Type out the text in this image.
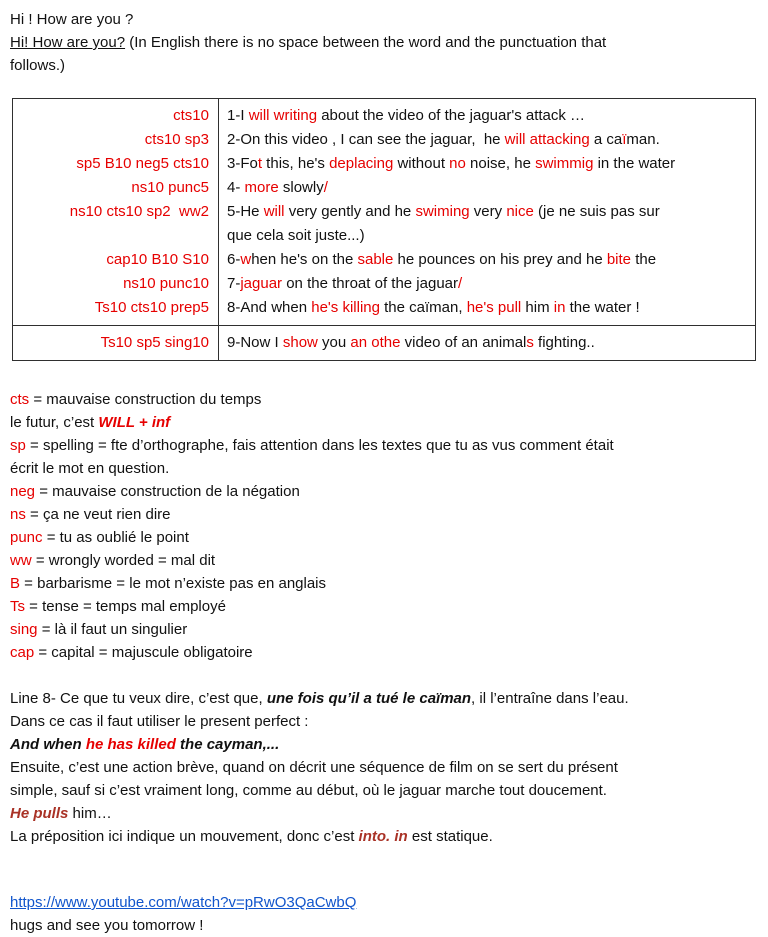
Hi ! How are you ?
Hi! How are you? (In English there is no space between the word and the punctuation that
follows.)
cts10
cts10 sp3
sp5 B10 neg5 cts10
ns10 punc5
ns10 cts10 sp2  ww2

cap10 B10 S10
ns10 punc10
Ts10 cts10 prep5
1-I will writing about the video of the jaguar's attack …
2-On this video , I can see the jaguar,  he will attacking a caïman.
3-Fot this, he's deplacing without no noise, he swimmig in the water
4- more slowly/
5-He will very gently and he swiming very nice (je ne suis pas sur
que cela soit juste...)
6-when he's on the sable he pounces on his prey and he bite the
7-jaguar on the throat of the jaguar/
8-And when he's killing the caïman, he's pull him in the water !
Ts10 sp5 sing10 9-Now I show you an othe video of an animals fighting..
cts = mauvaise construction du temps
le futur, c’est WILL + inf
sp = spelling = fte d’orthographe, fais attention dans les textes que tu as vus comment était
écrit le mot en question.
neg = mauvaise construction de la négation
ns = ça ne veut rien dire
punc = tu as oublié le point
ww = wrongly worded = mal dit
B = barbarisme = le mot n’existe pas en anglais
Ts = tense = temps mal employé
sing = là il faut un singulier
cap = capital = majuscule obligatoire
Line 8- Ce que tu veux dire, c’est que, une fois qu’il a tué le caïman, il l’entraîne dans l’eau.
Dans ce cas il faut utiliser le present perfect :
And when he has killed the cayman,...
Ensuite, c’est une action brève, quand on décrit une séquence de film on se sert du présent
simple, sauf si c’est vraiment long, comme au début, où le jaguar marche tout doucement.
He pulls him…
La préposition ici indique un mouvement, donc c’est into. in est statique.
https://www.youtube.com/watch?v=pRwO3QaCwbQ
hugs and see you tomorrow !
